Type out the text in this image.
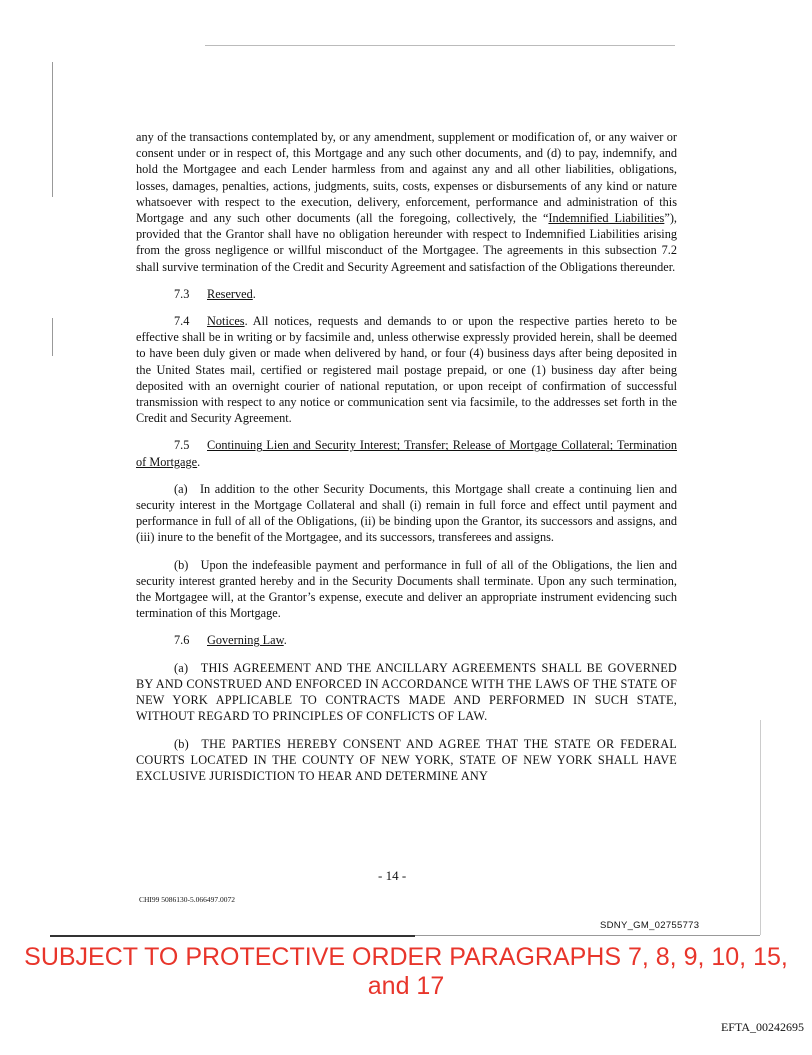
any of the transactions contemplated by, or any amendment, supplement or modification of, or any waiver or consent under or in respect of, this Mortgage and any such other documents, and (d) to pay, indemnify, and hold the Mortgagee and each Lender harmless from and against any and all other liabilities, obligations, losses, damages, penalties, actions, judgments, suits, costs, expenses or disbursements of any kind or nature whatsoever with respect to the execution, delivery, enforcement, performance and administration of this Mortgage and any such other documents (all the foregoing, collectively, the “Indemnified Liabilities”), provided that the Grantor shall have no obligation hereunder with respect to Indemnified Liabilities arising from the gross negligence or willful misconduct of the Mortgagee. The agreements in this subsection 7.2 shall survive termination of the Credit and Security Agreement and satisfaction of the Obligations thereunder.

7.3 Reserved.

7.4 Notices. All notices, requests and demands to or upon the respective parties hereto to be effective shall be in writing or by facsimile and, unless otherwise expressly provided herein, shall be deemed to have been duly given or made when delivered by hand, or four (4) business days after being deposited in the United States mail, certified or registered mail postage prepaid, or one (1) business day after being deposited with an overnight courier of national reputation, or upon receipt of confirmation of successful transmission with respect to any notice or communication sent via facsimile, to the addresses set forth in the Credit and Security Agreement.

7.5 Continuing Lien and Security Interest; Transfer; Release of Mortgage Collateral; Termination of Mortgage.

(a) In addition to the other Security Documents, this Mortgage shall create a continuing lien and security interest in the Mortgage Collateral and shall (i) remain in full force and effect until payment and performance in full of all of the Obligations, (ii) be binding upon the Grantor, its successors and assigns, and (iii) inure to the benefit of the Mortgagee, and its successors, transferees and assigns.

(b) Upon the indefeasible payment and performance in full of all of the Obligations, the lien and security interest granted hereby and in the Security Documents shall terminate. Upon any such termination, the Mortgagee will, at the Grantor’s expense, execute and deliver an appropriate instrument evidencing such termination of this Mortgage.

7.6 Governing Law.

(a) THIS AGREEMENT AND THE ANCILLARY AGREEMENTS SHALL BE GOVERNED BY AND CONSTRUED AND ENFORCED IN ACCORDANCE WITH THE LAWS OF THE STATE OF NEW YORK APPLICABLE TO CONTRACTS MADE AND PERFORMED IN SUCH STATE, WITHOUT REGARD TO PRINCIPLES OF CONFLICTS OF LAW.

(b) THE PARTIES HEREBY CONSENT AND AGREE THAT THE STATE OR FEDERAL COURTS LOCATED IN THE COUNTY OF NEW YORK, STATE OF NEW YORK SHALL HAVE EXCLUSIVE JURISDICTION TO HEAR AND DETERMINE ANY

- 14 -
CHI99 5086130-5.066497.0072
SDNY_GM_02755773
SUBJECT TO PROTECTIVE ORDER PARAGRAPHS 7, 8, 9, 10, 15, and 17
EFTA_00242695
